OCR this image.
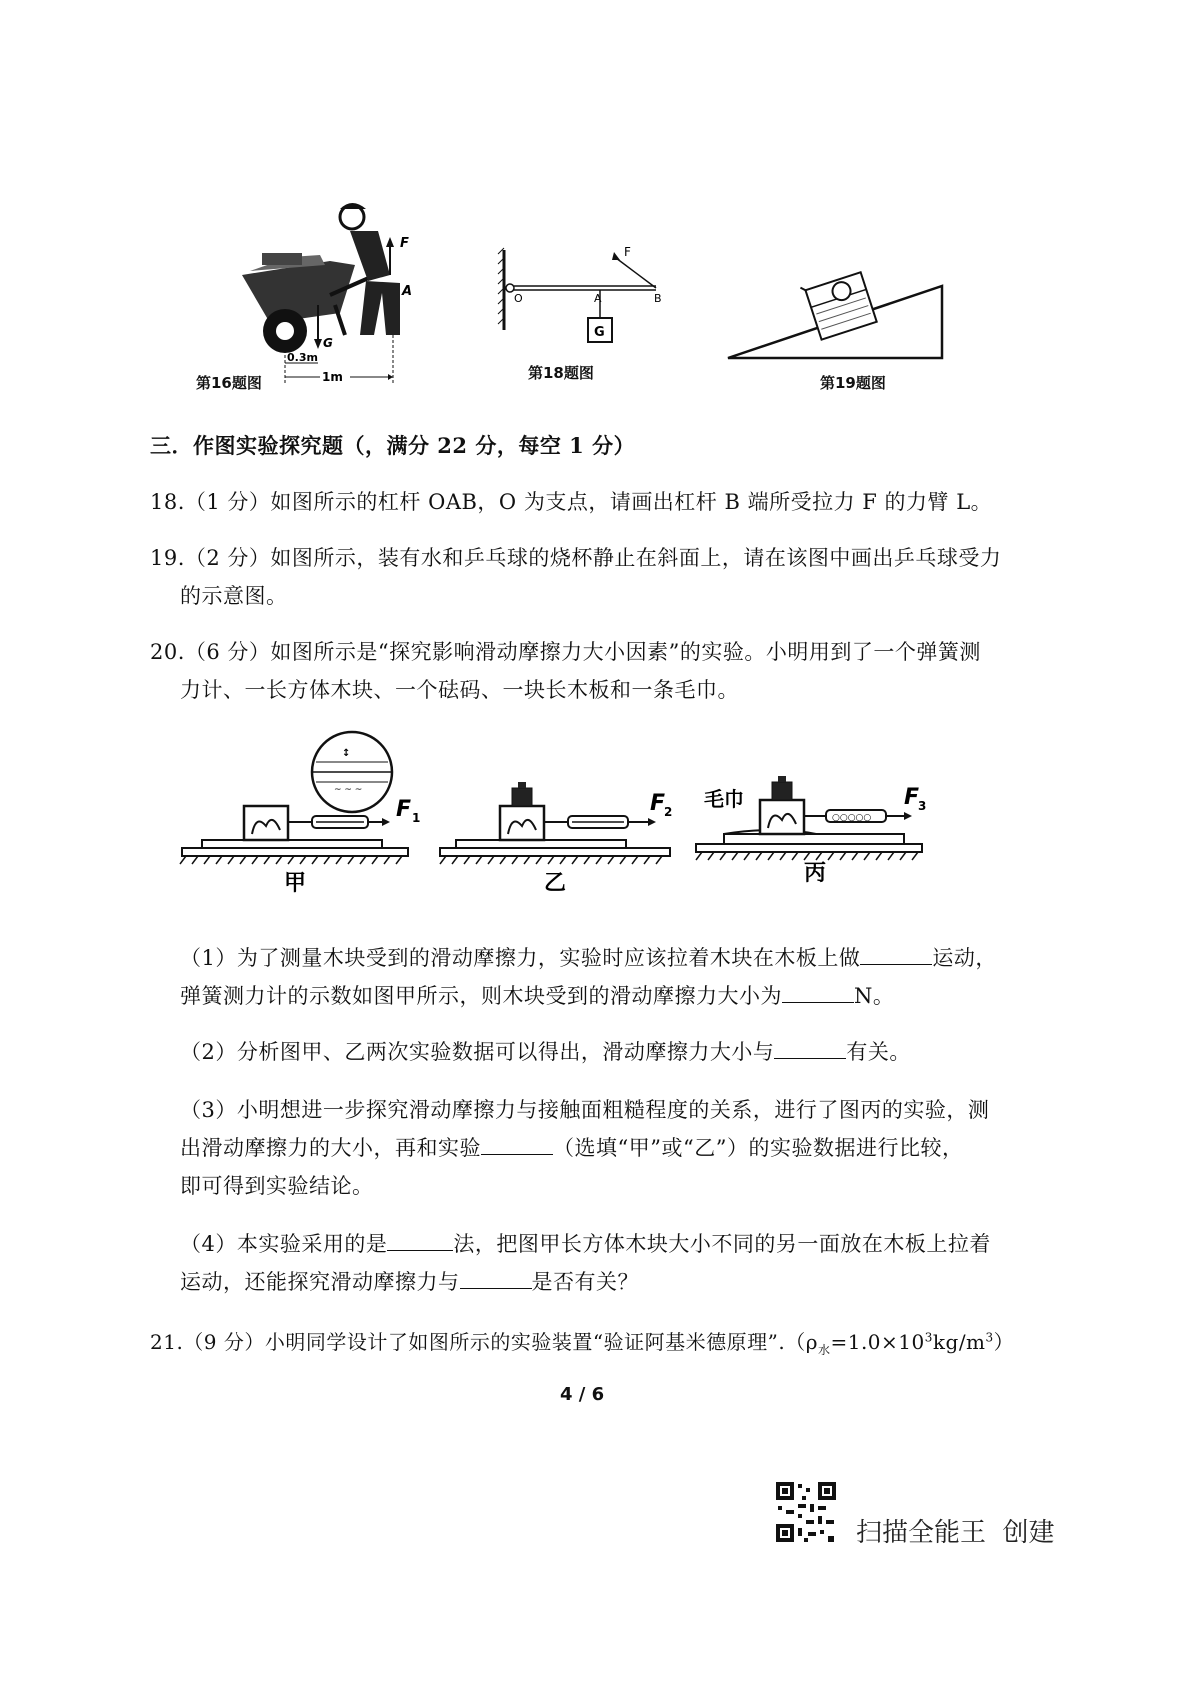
F
A
G
0.3m
1m
第16题图
F
O	A	B
G
第18题图
第19题图
三．作图实验探究题（，满分 22 分，每空 1 分）
18.（1 分）如图所示的杠杆 OAB，O 为支点，请画出杠杆 B 端所受拉力 F 的力臂 L。
19.（2 分）如图所示，装有水和乒乓球的烧杯静止在斜面上，请在该图中画出乒乓球受力
的示意图。
20.（6 分）如图所示是“探究影响滑动摩擦力大小因素”的实验。小明用到了一个弹簧测
力计、一长方体木块、一个砝码、一块长木板和一条毛巾。
↕
~ ~ ~
F 1
甲
F
2
乙
○○○○○
F
3
毛巾
丙
（1）为了测量木块受到的滑动摩擦力，实验时应该拉着木块在木板上做	运动，
弹簧测力计的示数如图甲所示，则木块受到的滑动摩擦力大小为	N。
（2）分析图甲、乙两次实验数据可以得出，滑动摩擦力大小与	有关。
（3）小明想进一步探究滑动摩擦力与接触面粗糙程度的关系，进行了图丙的实验，测
出滑动摩擦力的大小，再和实验	（选填“甲”或“乙”）的实验数据进行比较，
即可得到实验结论。
（4）本实验采用的是	法，把图甲长方体木块大小不同的另一面放在木板上拉着
运动，还能探究滑动摩擦力与	是否有关？
21.（9 分）小明同学设计了如图所示的实验装置“验证阿基米德原理$”.(\rho_水=1.0\times 10^3kg/m^3)$
4 / 6
扫描全能王  创建
